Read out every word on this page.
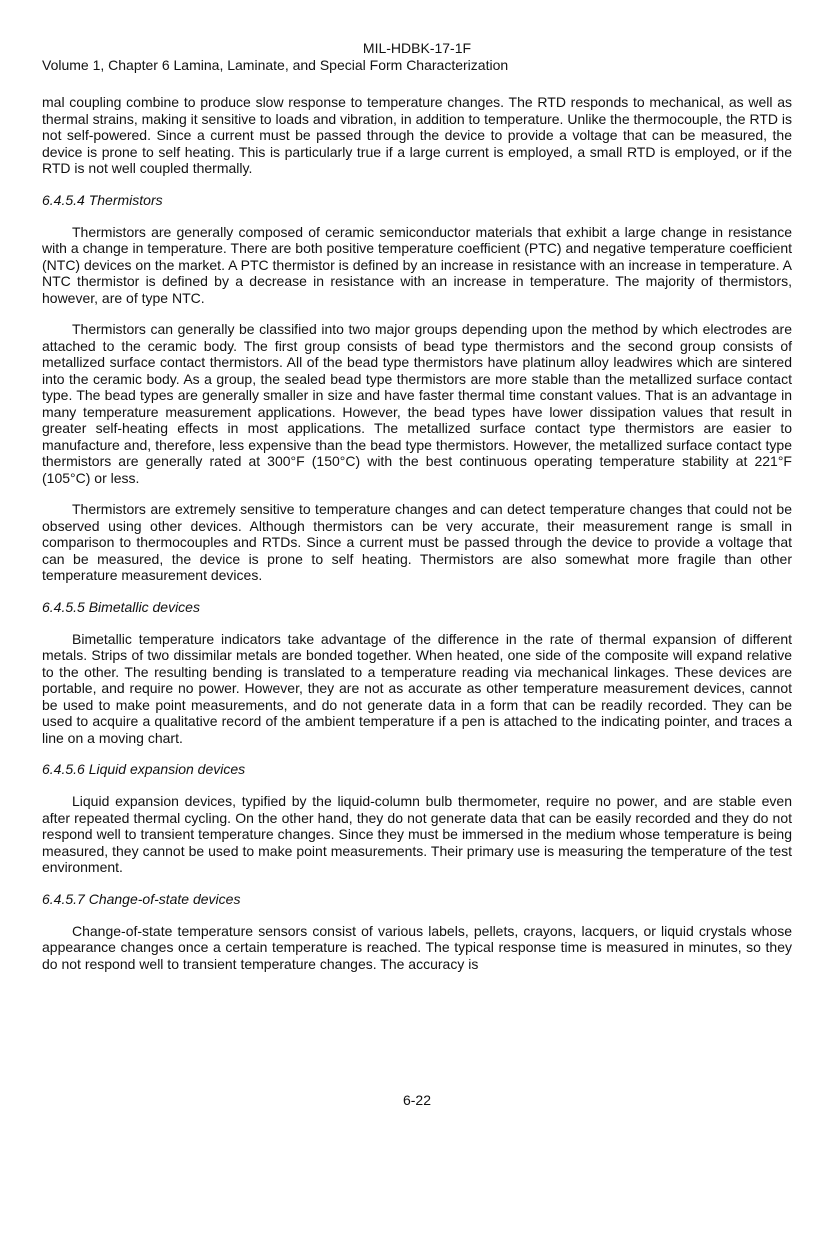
MIL-HDBK-17-1F
Volume 1, Chapter 6 Lamina, Laminate, and Special Form Characterization

mal coupling combine to produce slow response to temperature changes. The RTD responds to mechanical, as well as thermal strains, making it sensitive to loads and vibration, in addition to temperature. Unlike the thermocouple, the RTD is not self-powered. Since a current must be passed through the device to provide a voltage that can be measured, the device is prone to self heating. This is particularly true if a large current is employed, a small RTD is employed, or if the RTD is not well coupled thermally.

6.4.5.4 Thermistors

Thermistors are generally composed of ceramic semiconductor materials that exhibit a large change in resistance with a change in temperature. There are both positive temperature coefficient (PTC) and negative temperature coefficient (NTC) devices on the market. A PTC thermistor is defined by an increase in resistance with an increase in temperature. A NTC thermistor is defined by a decrease in resistance with an increase in temperature. The majority of thermistors, however, are of type NTC.

Thermistors can generally be classified into two major groups depending upon the method by which electrodes are attached to the ceramic body. The first group consists of bead type thermistors and the second group consists of metallized surface contact thermistors. All of the bead type thermistors have platinum alloy leadwires which are sintered into the ceramic body. As a group, the sealed bead type thermistors are more stable than the metallized surface contact type. The bead types are generally smaller in size and have faster thermal time constant values. That is an advantage in many temperature measurement applications. However, the bead types have lower dissipation values that result in greater self-heating effects in most applications. The metallized surface contact type thermistors are easier to manufacture and, therefore, less expensive than the bead type thermistors. However, the metallized surface contact type thermistors are generally rated at 300°F (150°C) with the best continuous operating temperature stability at 221°F (105°C) or less.

Thermistors are extremely sensitive to temperature changes and can detect temperature changes that could not be observed using other devices. Although thermistors can be very accurate, their measurement range is small in comparison to thermocouples and RTDs. Since a current must be passed through the device to provide a voltage that can be measured, the device is prone to self heating. Thermistors are also somewhat more fragile than other temperature measurement devices.

6.4.5.5 Bimetallic devices

Bimetallic temperature indicators take advantage of the difference in the rate of thermal expansion of different metals. Strips of two dissimilar metals are bonded together. When heated, one side of the composite will expand relative to the other. The resulting bending is translated to a temperature reading via mechanical linkages. These devices are portable, and require no power. However, they are not as accurate as other temperature measurement devices, cannot be used to make point measurements, and do not generate data in a form that can be readily recorded. They can be used to acquire a qualitative record of the ambient temperature if a pen is attached to the indicating pointer, and traces a line on a moving chart.

6.4.5.6 Liquid expansion devices

Liquid expansion devices, typified by the liquid-column bulb thermometer, require no power, and are stable even after repeated thermal cycling. On the other hand, they do not generate data that can be easily recorded and they do not respond well to transient temperature changes. Since they must be immersed in the medium whose temperature is being measured, they cannot be used to make point measurements. Their primary use is measuring the temperature of the test environment.

6.4.5.7 Change-of-state devices

Change-of-state temperature sensors consist of various labels, pellets, crayons, lacquers, or liquid crystals whose appearance changes once a certain temperature is reached. The typical response time is measured in minutes, so they do not respond well to transient temperature changes. The accuracy is

6-22
